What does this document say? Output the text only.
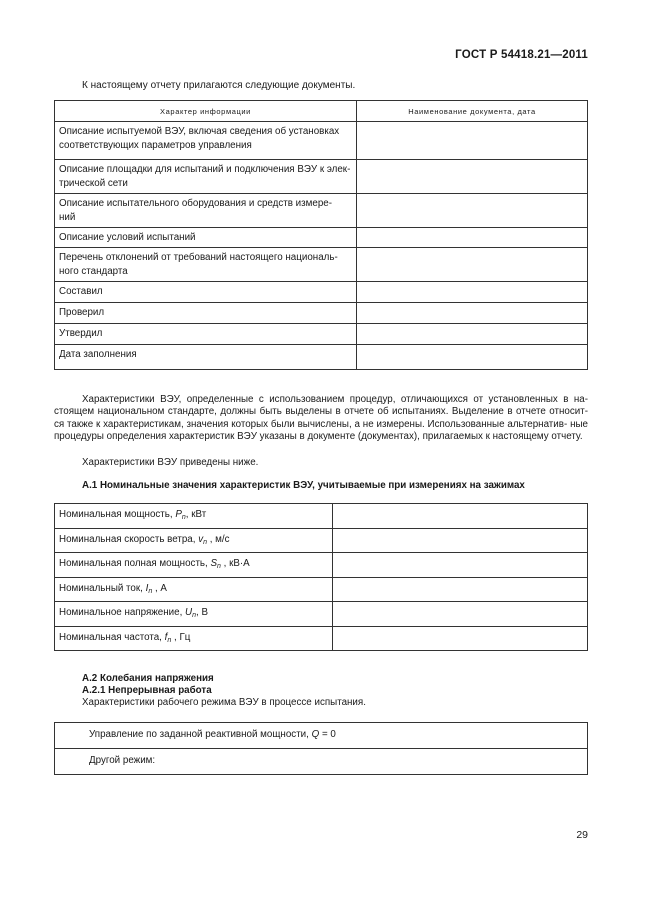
ГОСТ Р 54418.21—2011
К настоящему отчету прилагаются следующие документы.
Характер информации	Наименование документа, дата

Описание испытуемой ВЭУ, включая сведения об установках
соответствующих параметров управления	

Описание площадки для испытаний и подключения ВЭУ к элек-
трической сети	

Описание испытательного оборудования и средств измере-
ний	

Описание условий испытаний	

Перечень отклонений от требований настоящего националь-
ного стандарта	

Составил	

Проверил	

Утвердил	

Дата заполнения	

Характеристики ВЭУ, определенные с использованием процедур, отличающихся от установленных в на- стоящем национальном стандарте, должны быть выделены в отчете об испытаниях. Выделение в отчете относит- ся также к характеристикам, значения которых были вычислены, а не измерены. Использованные альтернатив- ные процедуры определения характеристик ВЭУ указаны в документе (документах), прилагаемых к настоящему отчету.
Характеристики ВЭУ приведены ниже.
А.1 Номинальные значения характеристик ВЭУ, учитываемые при измерениях на зажимах
Номинальная мощность, $P_n$, кВт	
Номинальная скорость ветра, $v_n$ , м/с	
Номинальная полная мощность, $S_n$ , кВ·А	
Номинальный ток, $I_n$ , А	
Номинальное напряжение, $U_n$, В	
Номинальная частота, $f_n$ , Гц	
А.2 Колебания напряжения
А.2.1 Непрерывная работа
Характеристики рабочего режима ВЭУ в процессе испытания.
Управление по заданной реактивной мощности, Q = 0
Другой режим:
29
